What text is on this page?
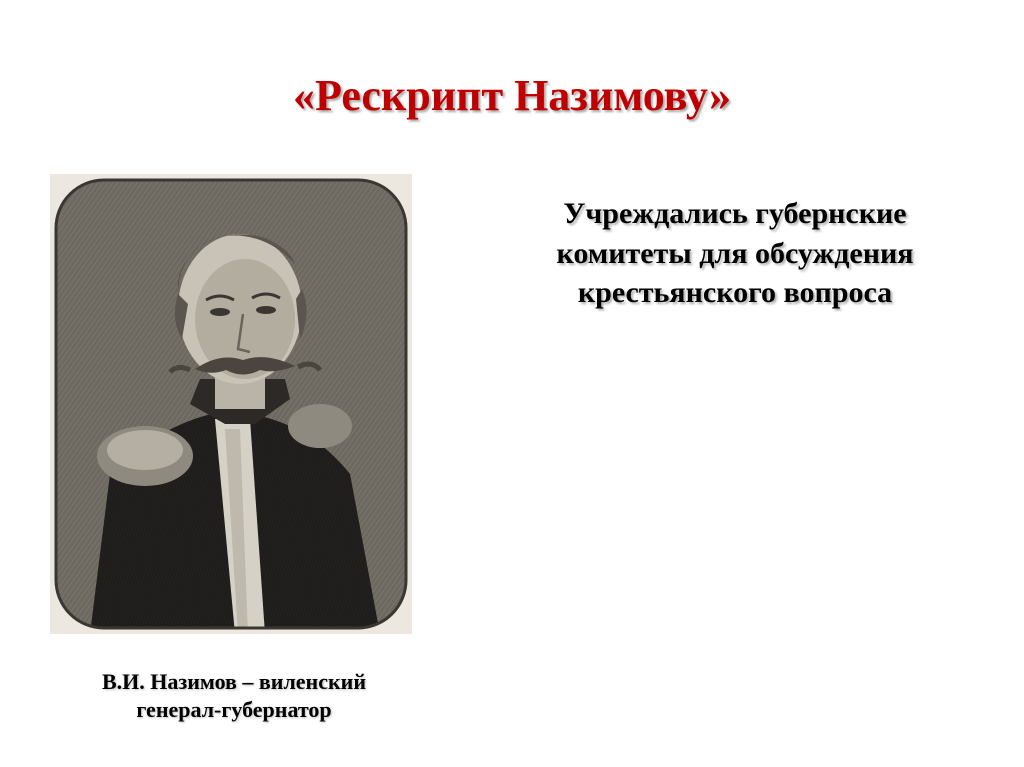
«Рескрипт Назимову»
В.И. Назимов – виленский
генерал-губернатор
Учреждались губернские
комитеты для обсуждения
крестьянского вопроса
